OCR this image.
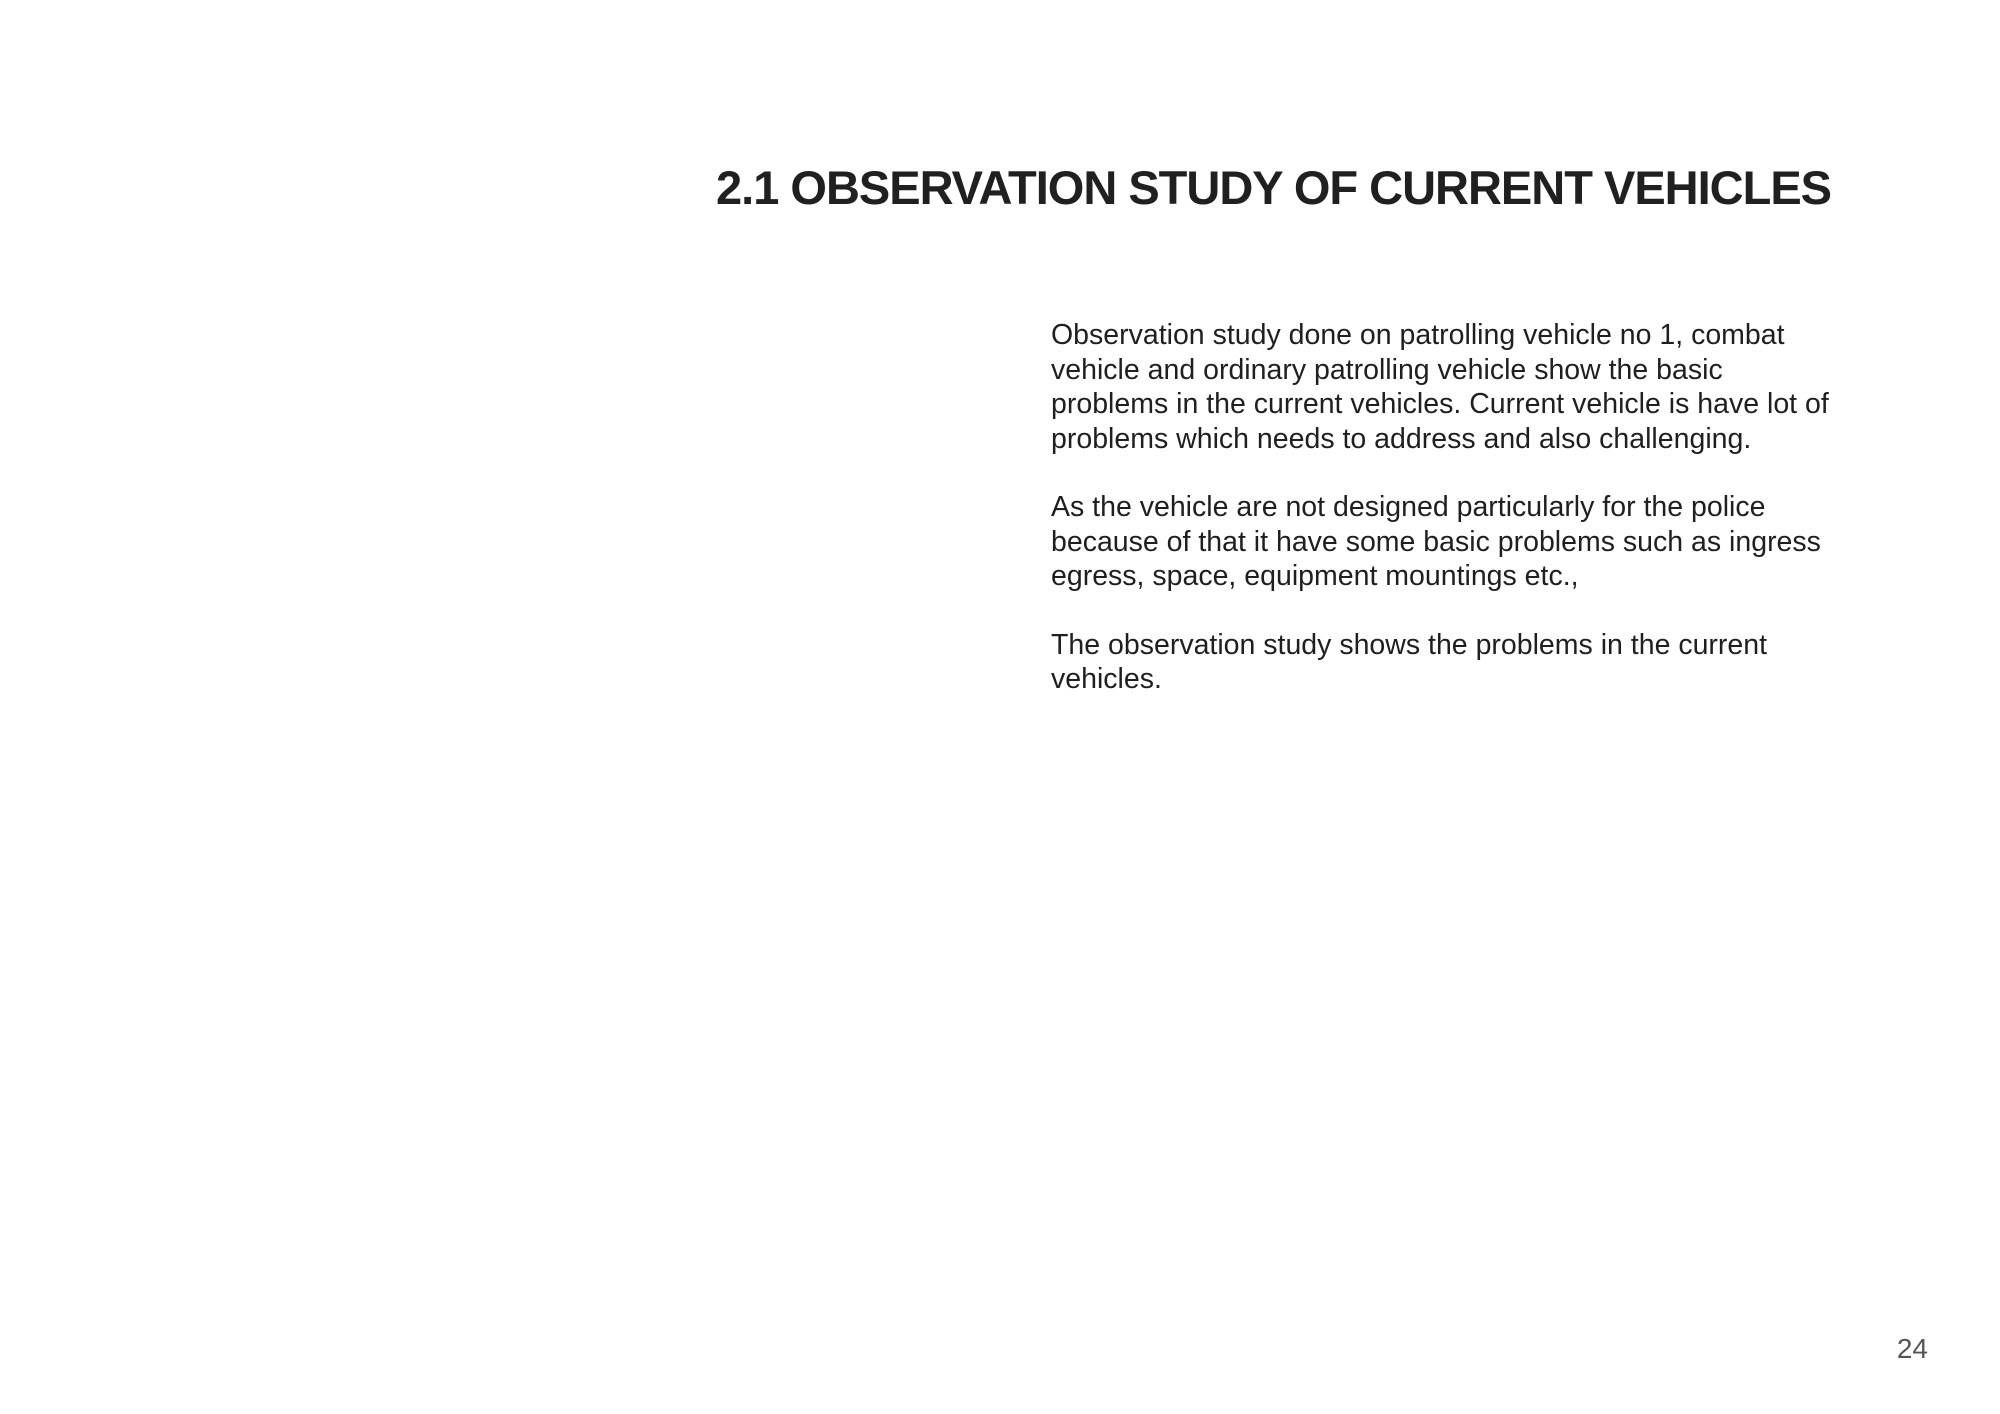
2.1 OBSERVATION STUDY OF CURRENT VEHICLES

Observation study done on patrolling vehicle no 1, combat vehicle and ordinary patrolling vehicle show the basic problems in the current vehicles. Current vehicle is have lot of problems which needs to address and also challenging.

As the vehicle are not designed particularly for the police because of that it have some basic problems such as ingress egress, space, equipment mountings etc.,

The observation study shows the problems in the current vehicles.

24
